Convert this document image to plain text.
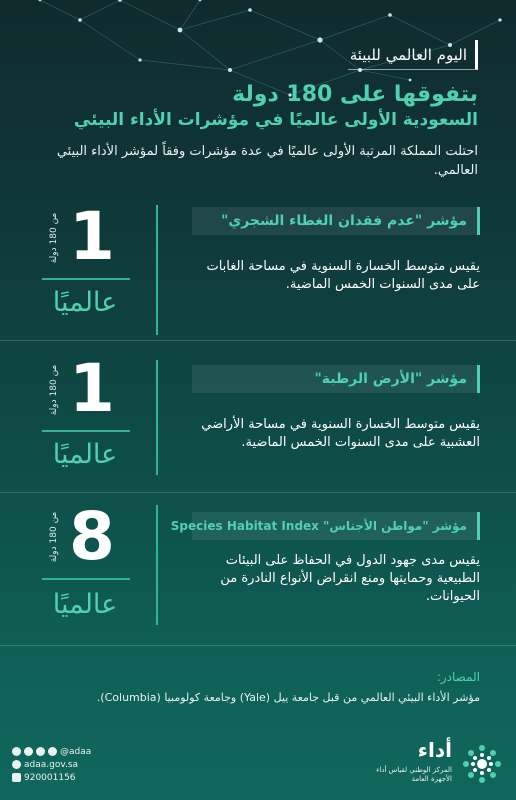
اليوم العالمي للبيئة
بتفوقها على 180 دولة
السعودية الأولى عالميًا في مؤشرات الأداء البيئي
احتلت المملكة المرتبة الأولى عالميًا في عدة مؤشرات وفقاً لمؤشر الأداء البيئي العالمي.
من 180 دولة 1
عالميًا
مؤشر "عدم فقدان الغطاء الشجري"
يقيس متوسط الخسارة السنوية في مساحة الغابات على مدى السنوات الخمس الماضية.
من 180 دولة 1
عالميًا
مؤشر "الأرض الرطبة"
يقيس متوسط الخسارة السنوية في مساحة الأراضي العشبية على مدى السنوات الخمس الماضية.
من 180 دولة 8
عالميًا
مؤشر "مواطن الأجناس" Species Habitat Index
يقيس مدى جهود الدول في الحفاظ على البيئات الطبيعية وحمايتها ومنع انقراض الأنواع النادرة من الحيوانات.
المصادر:
مؤشر الأداء البيئي العالمي من قبل جامعة ييل (Yale) وجامعة كولومبيا (Columbia).
@adaa
adaa.gov.sa
920001156
أداء
المركز الوطني لقياس أداء الأجهزة العامة
